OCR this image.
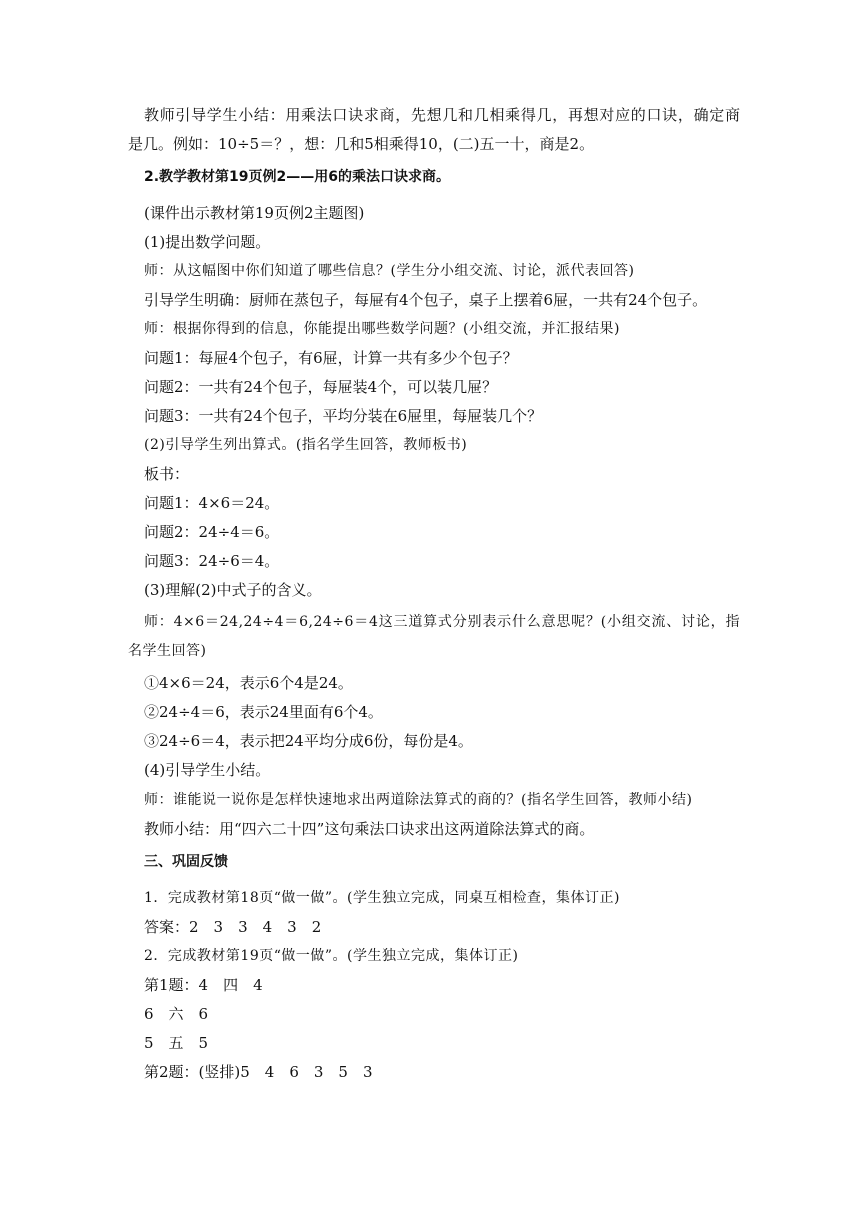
教师引导学生小结：用乘法口诀求商，先想几和几相乘得几，再想对应的口诀，确定商
是几。例如：10÷5＝？，想：几和5相乘得10，(二)五一十，商是2。
2.教学教材第19页例2——用6的乘法口诀求商。
(课件出示教材第19页例2主题图)
(1)提出数学问题。
师：从这幅图中你们知道了哪些信息？(学生分小组交流、讨论，派代表回答)
引导学生明确：厨师在蒸包子，每屉有4个包子，桌子上摆着6屉，一共有24个包子。
师：根据你得到的信息，你能提出哪些数学问题？(小组交流，并汇报结果)
问题1：每屉4个包子，有6屉，计算一共有多少个包子？
问题2：一共有24个包子，每屉装4个，可以装几屉？
问题3：一共有24个包子，平均分装在6屉里，每屉装几个？
(2)引导学生列出算式。(指名学生回答，教师板书)
板书：
问题1：4×6＝24。
问题2：24÷4＝6。
问题3：24÷6＝4。
(3)理解(2)中式子的含义。
师：4×6＝24,24÷4＝6,24÷6＝4这三道算式分别表示什么意思呢？(小组交流、讨论，指
名学生回答)
①4×6＝24，表示6个4是24。
②24÷4＝6，表示24里面有6个4。
③24÷6＝4，表示把24平均分成6份，每份是4。
(4)引导学生小结。
师：谁能说一说你是怎样快速地求出两道除法算式的商的？(指名学生回答，教师小结)
教师小结：用“四六二十四”这句乘法口诀求出这两道除法算式的商。
三、巩固反馈
1．完成教材第18页“做一做”。(学生独立完成，同桌互相检查，集体订正)
答案：2　3　3　4　3　2
2．完成教材第19页“做一做”。(学生独立完成，集体订正)
第1题：4　四　4
6　六　6
5　五　5
第2题：(竖排)5　4　6　3　5　3
